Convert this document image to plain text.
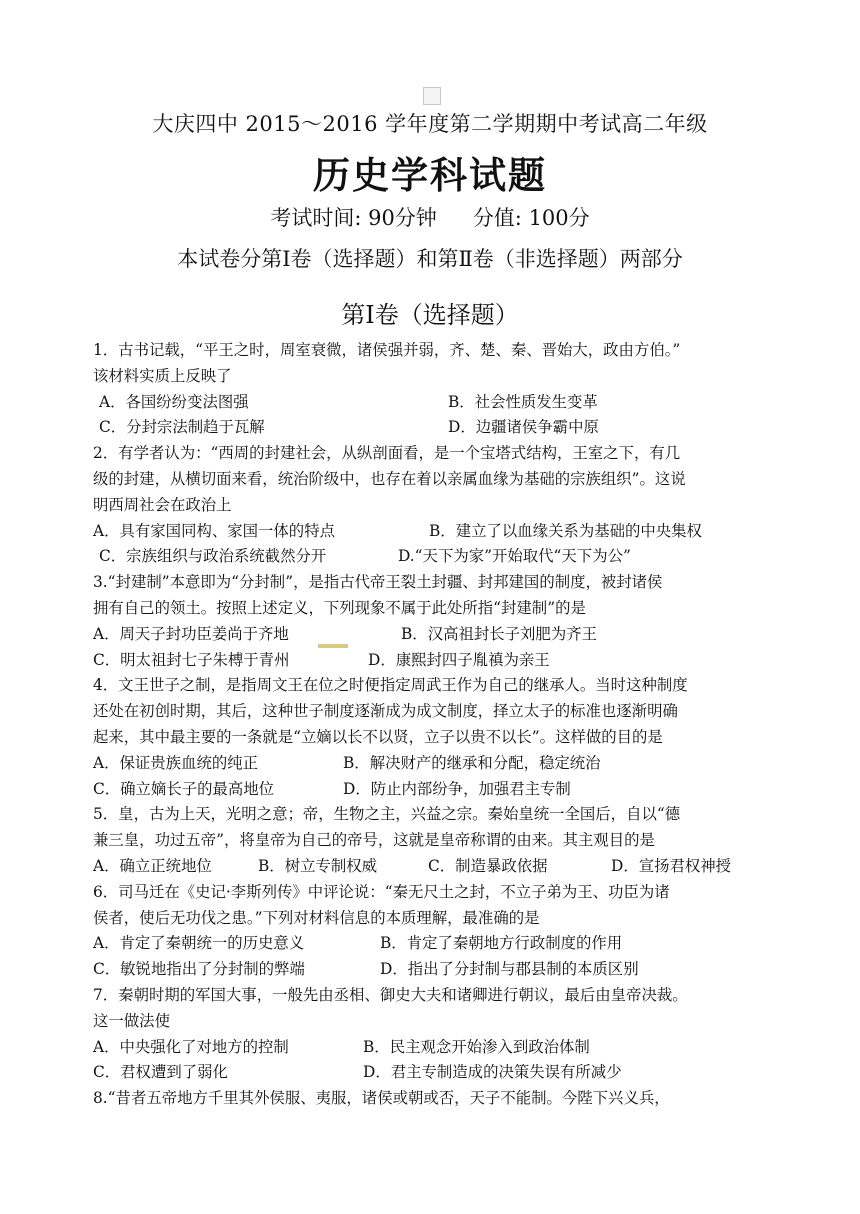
大庆四中 2015～2016 学年度第二学期期中考试高二年级
历史学科试题
考试时间: 90分钟 分值: 100分
本试卷分第Ⅰ卷（选择题）和第Ⅱ卷（非选择题）两部分
第Ⅰ卷（选择题）
1．古书记载，“平王之时，周室衰微，诸侯强并弱，齐、楚、秦、晋始大，政由方伯。”
该材料实质上反映了
A．各国纷纷变法图强	B．社会性质发生变革
C．分封宗法制趋于瓦解	D．边疆诸侯争霸中原
2．有学者认为：“西周的封建社会，从纵剖面看，是一个宝塔式结构，王室之下，有几
级的封建，从横切面来看，统治阶级中，也存在着以亲属血缘为基础的宗族组织”。这说
明西周社会在政治上
A．具有家国同构、家国一体的特点	B．建立了以血缘关系为基础的中央集权
C．宗族组织与政治系统截然分开	D.“天下为家”开始取代“天下为公”
3.“封建制”本意即为“分封制”，是指古代帝王裂土封疆、封邦建国的制度，被封诸侯
拥有自己的领土。按照上述定义，下列现象不属于此处所指“封建制”的是
A．周天子封功臣姜尚于齐地	B．汉高祖封长子刘肥为齐王
C．明太祖封七子朱榑于青州	D．康熙封四子胤禛为亲王
4．文王世子之制，是指周文王在位之时便指定周武王作为自己的继承人。当时这种制度
还处在初创时期，其后，这种世子制度逐渐成为成文制度，择立太子的标准也逐渐明确
起来，其中最主要的一条就是“立嫡以长不以贤，立子以贵不以长”。这样做的目的是
A．保证贵族血统的纯正	B．解决财产的继承和分配，稳定统治
C．确立嫡长子的最高地位	D．防止内部纷争，加强君主专制
5．皇，古为上天，光明之意；帝，生物之主，兴益之宗。秦始皇统一全国后，自以“德
兼三皇，功过五帝”，将皇帝为自己的帝号，这就是皇帝称谓的由来。其主观目的是
A．确立正统地位	B．树立专制权威	C．制造暴政依据	D．宣扬君权神授
6．司马迁在《史记·李斯列传》中评论说：“秦无尺土之封，不立子弟为王、功臣为诸
侯者，使后无功伐之患。”下列对材料信息的本质理解，最准确的是
A．肯定了秦朝统一的历史意义	B．肯定了秦朝地方行政制度的作用
C．敏锐地指出了分封制的弊端	D．指出了分封制与郡县制的本质区别
7．秦朝时期的军国大事，一般先由丞相、御史大夫和诸卿进行朝议，最后由皇帝决裁。
这一做法使
A．中央强化了对地方的控制	B．民主观念开始渗入到政治体制
C．君权遭到了弱化	D．君主专制造成的决策失误有所减少
8.“昔者五帝地方千里其外侯服、夷服，诸侯或朝或否，天子不能制。今陛下兴义兵，
